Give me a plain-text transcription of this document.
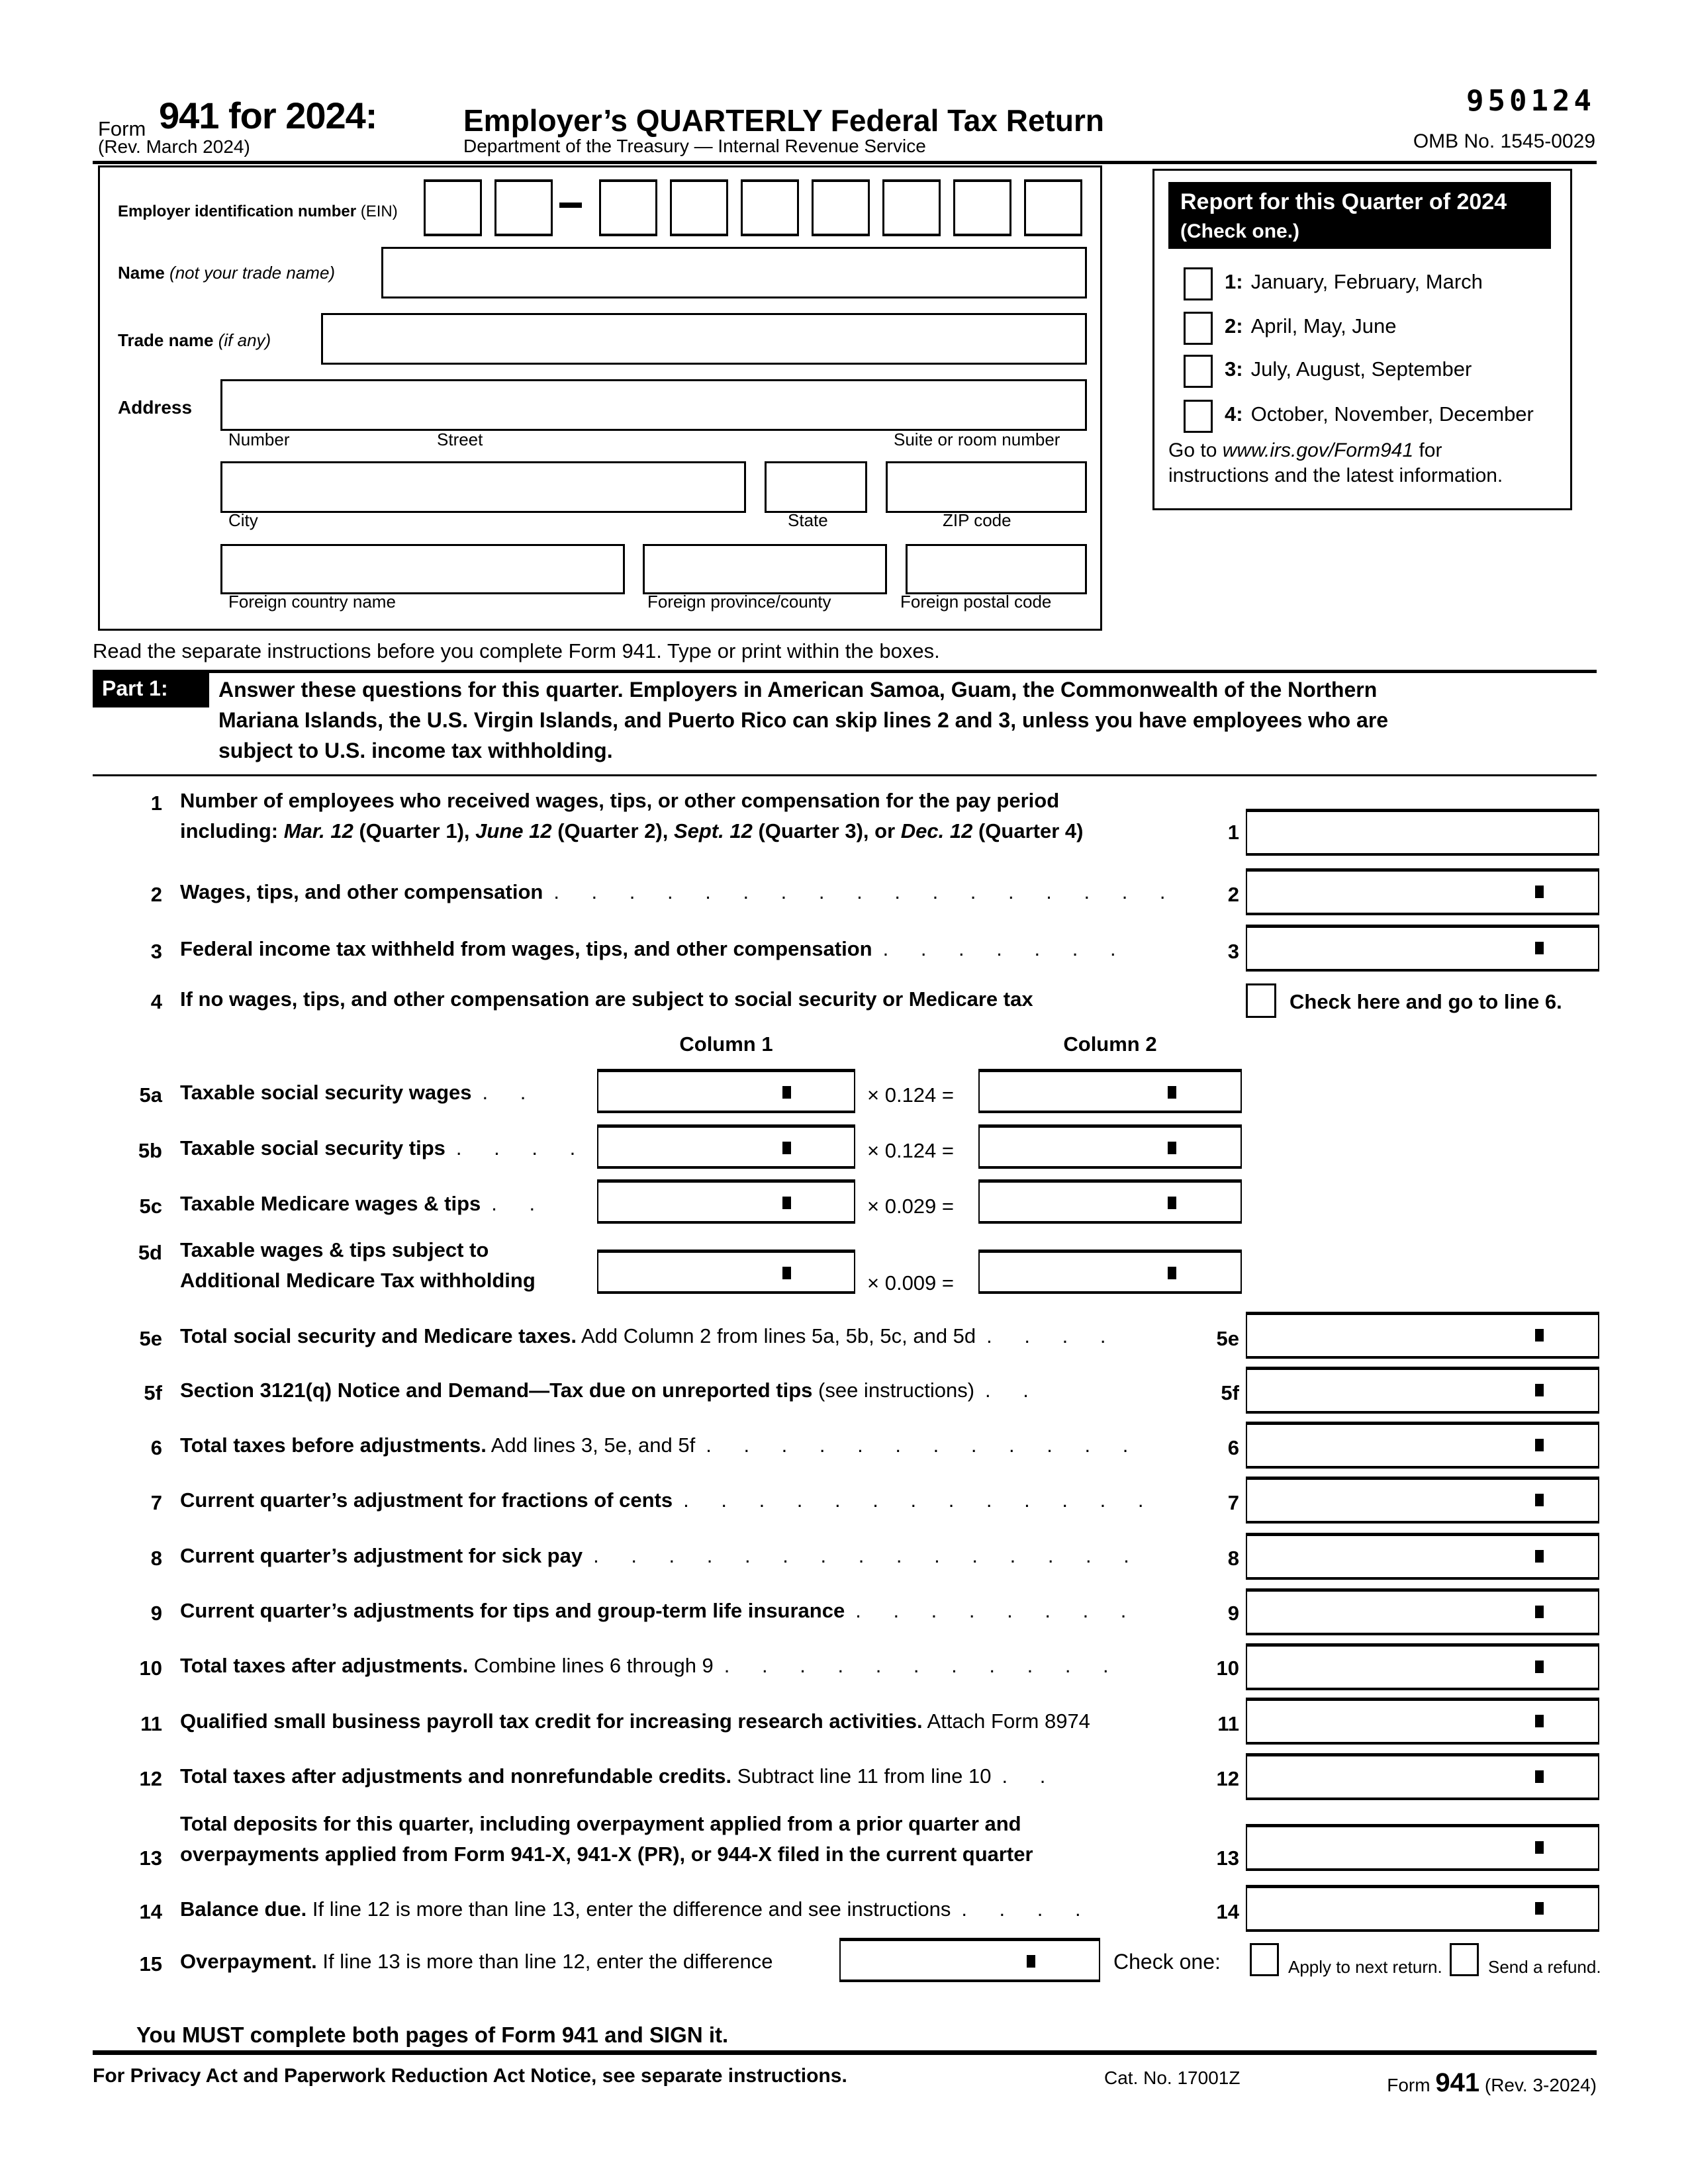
Form 941 for 2024:	Employer’s QUARTERLY Federal Tax Return
(Rev. March 2024)	Department of the Treasury — Internal Revenue Service
950124
OMB No. 1545-0029
Employer identification number (EIN)
Name (not your trade name)
Trade name (if any)
Address
Number	Street	Suite or room number
City	State	ZIP code
Foreign country name	Foreign province/county	Foreign postal code
Report for this Quarter of 2024
(Check one.)
1: January, February, March
2: April, May, June
3: July, August, September
4: October, November, December
Go to www.irs.gov/Form941 for
instructions and the latest information.
Read the separate instructions before you complete Form 941. Type or print within the boxes.
Part 1: Answer these questions for this quarter. Employers in American Samoa, Guam, the Commonwealth of the Northern
Mariana Islands, the U.S. Virgin Islands, and Puerto Rico can skip lines 2 and 3, unless you have employees who are
subject to U.S. income tax withholding.
1 Number of employees who received wages, tips, or other compensation for the pay period
including: Mar. 12 (Quarter 1), June 12 (Quarter 2), Sept. 12 (Quarter 3), or Dec. 12 (Quarter 4)	1
2 Wages, tips, and other compensation . . . . . . . . . . . . . . . . .	2
3 Federal income tax withheld from wages, tips, and other compensation . . . . . . .	3
4 If no wages, tips, and other compensation are subject to social security or Medicare tax	Check here and go to line 6.
Column 1	Column 2
5a Taxable social security wages . .	× 0.124 =
5b Taxable social security tips . . . .	× 0.124 =
5c Taxable Medicare wages & tips . .	× 0.029 =
5d Taxable wages & tips subject to
Additional Medicare Tax withholding	× 0.009 =
5e Total social security and Medicare taxes. Add Column 2 from lines 5a, 5b, 5c, and 5d . . . .	5e
5f Section 3121(q) Notice and Demand—Tax due on unreported tips (see instructions) . .	5f
6 Total taxes before adjustments. Add lines 3, 5e, and 5f . . . . . . . . . . . .	6
7 Current quarter’s adjustment for fractions of cents . . . . . . . . . . . . .	7
8 Current quarter’s adjustment for sick pay . . . . . . . . . . . . . . .	8
9 Current quarter’s adjustments for tips and group-term life insurance . . . . . . . .	9
10 Total taxes after adjustments. Combine lines 6 through 9 . . . . . . . . . . .	10
11 Qualified small business payroll tax credit for increasing research activities. Attach Form 8974	11
12 Total taxes after adjustments and nonrefundable credits. Subtract line 11 from line 10 . .	12
13
Total deposits for this quarter, including overpayment applied from a prior quarter and
overpayments applied from Form 941-X, 941-X (PR), or 944-X filed in the current quarter	13
14 Balance due. If line 12 is more than line 13, enter the difference and see instructions . . . .	14
15 Overpayment. If line 13 is more than line 12, enter the difference	Check one:	Apply to next return.	Send a refund.
You MUST complete both pages of Form 941 and SIGN it.
For Privacy Act and Paperwork Reduction Act Notice, see separate instructions.	Cat. No. 17001Z	Form 941 (Rev. 3-2024)
